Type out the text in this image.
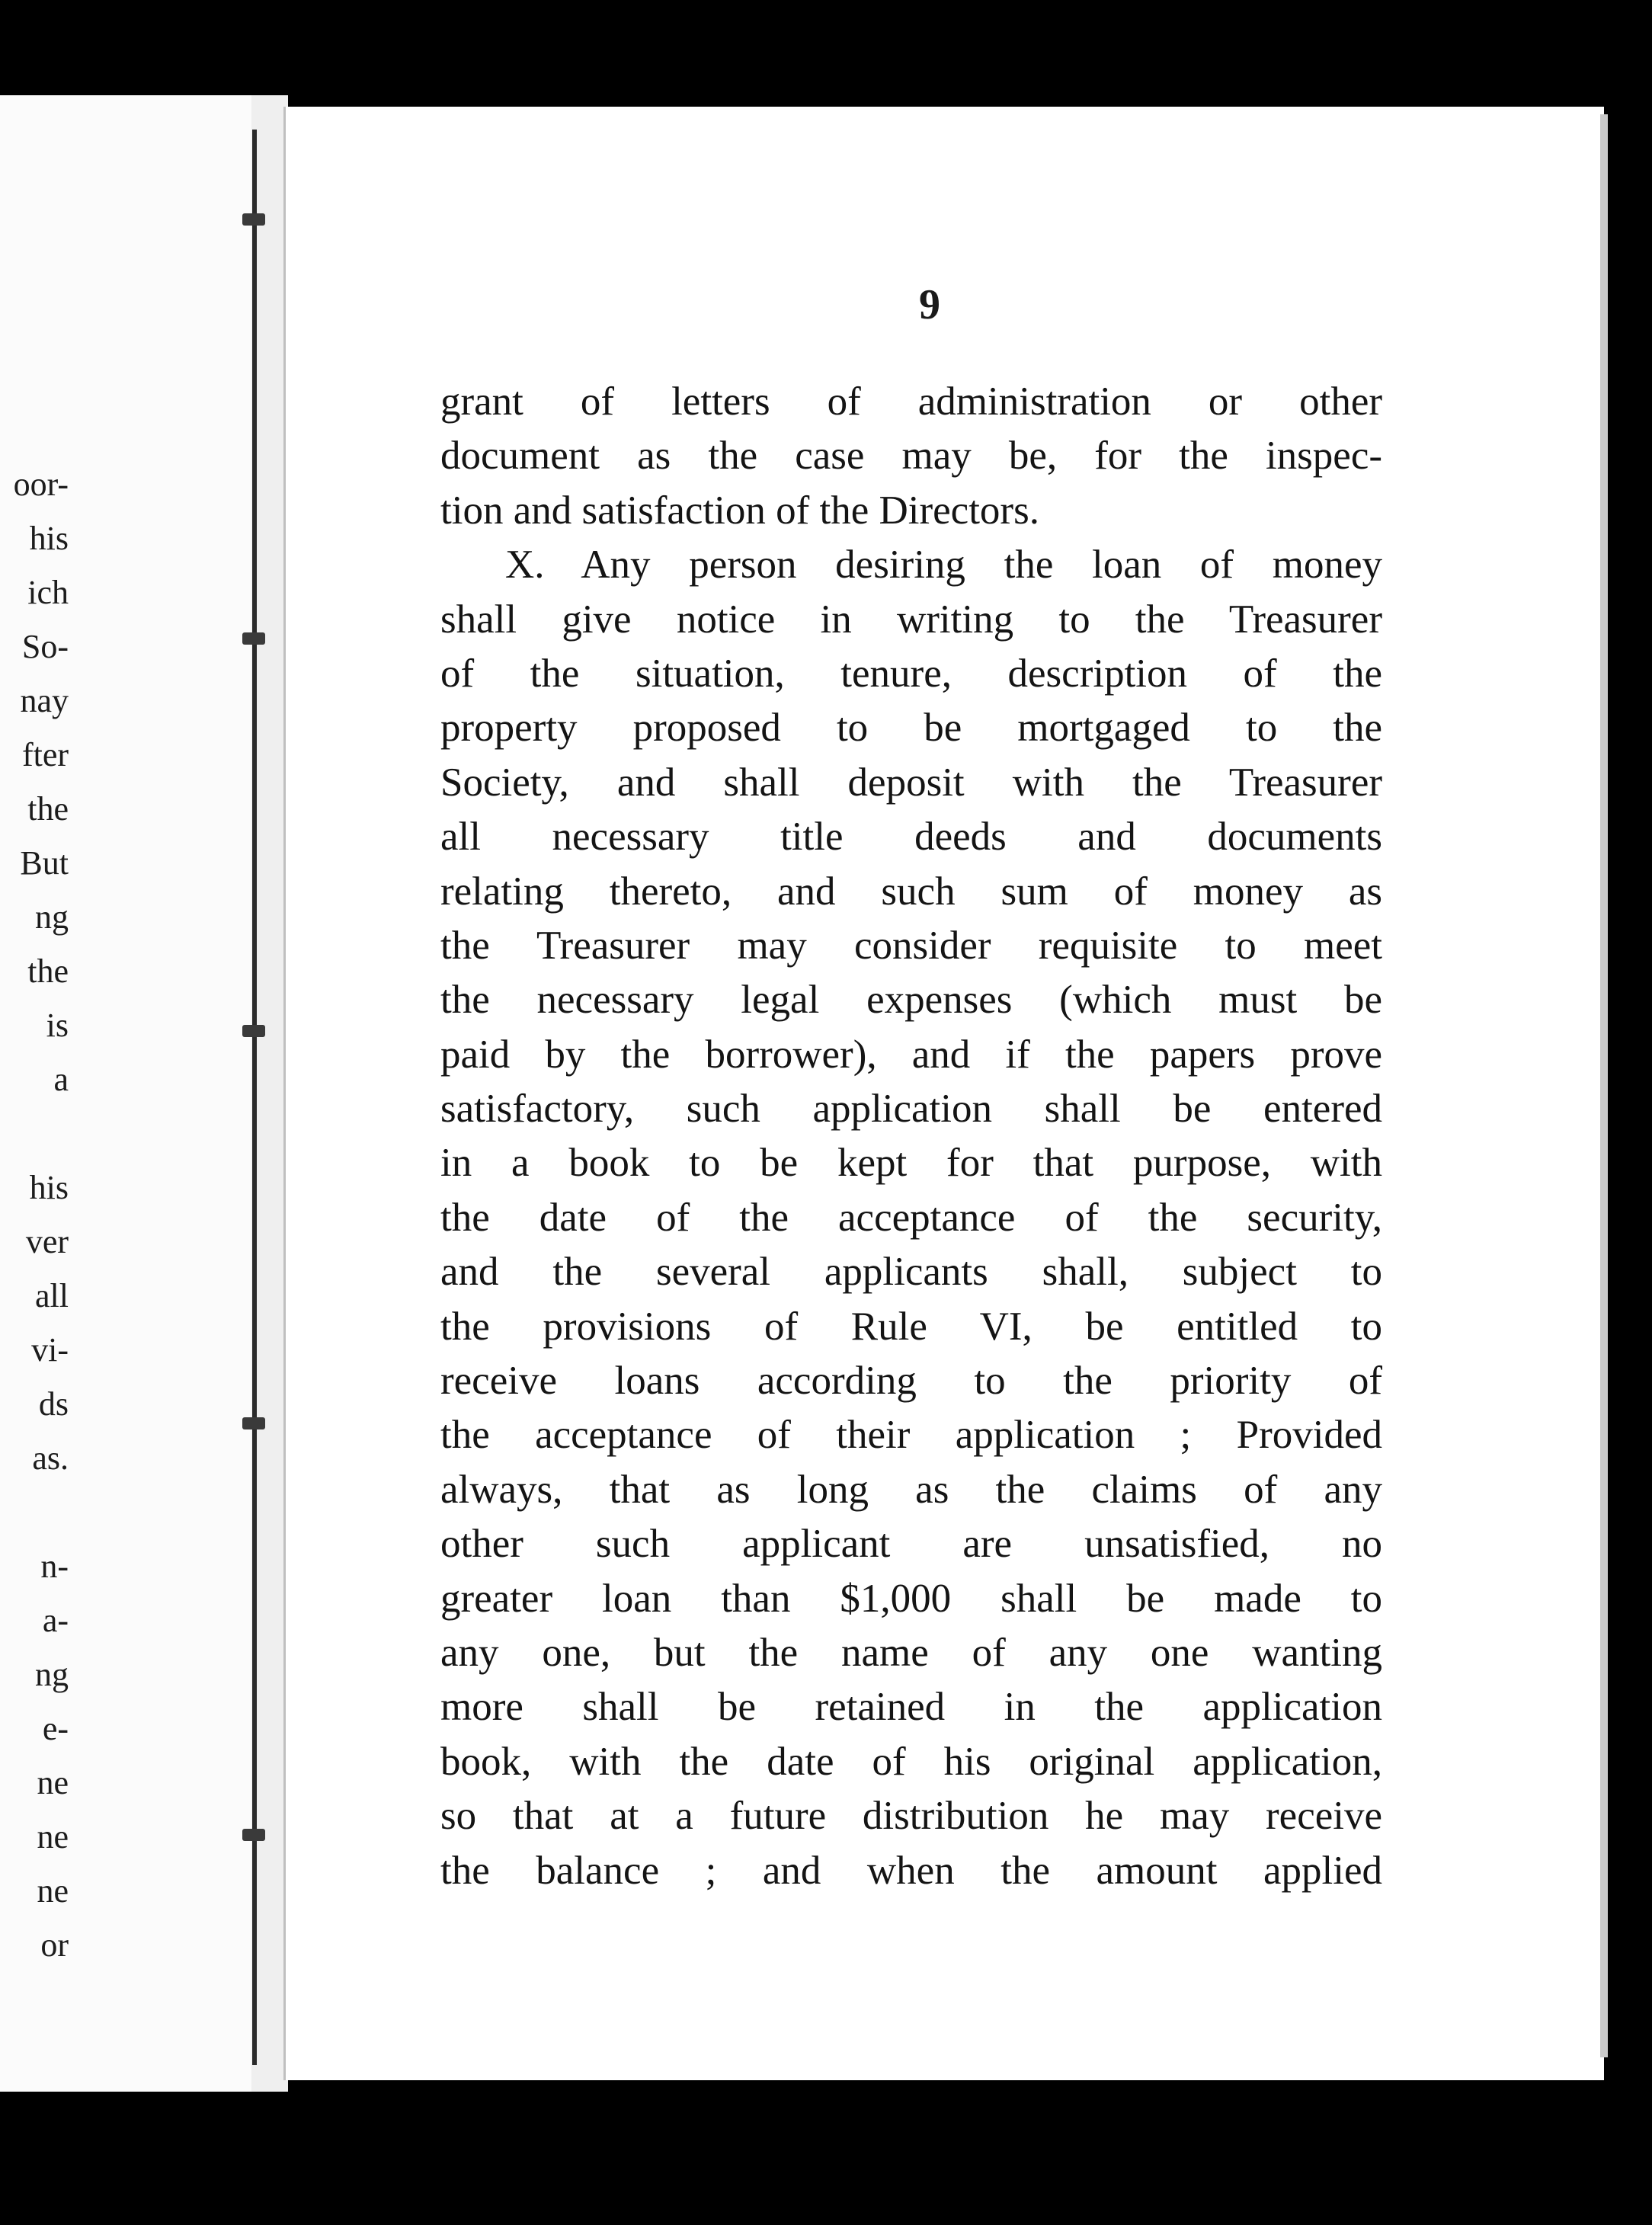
oor-
his
ich
So-
nay
fter
the
But
ng
the
is
a
his
ver
all
vi-
ds
as.
n-
a-
ng
e-
ne
ne
ne
or
9
grant of letters of administration or other
document as the case may be, for the inspec-
tion and satisfaction of the Directors.
X. Any person desiring the loan of money
shall give notice in writing to the Treasurer
of the situation, tenure, description of the
property proposed to be mortgaged to the
Society, and shall deposit with the Treasurer
all necessary title deeds and documents
relating thereto, and such sum of money as
the Treasurer may consider requisite to meet
the necessary legal expenses (which must be
paid by the borrower), and if the papers prove
satisfactory, such application shall be entered
in a book to be kept for that purpose, with
the date of the acceptance of the security,
and the several applicants shall, subject to
the provisions of Rule VI, be entitled to
receive loans according to the priority of
the acceptance of their application ; Provided
always, that as long as the claims of any
other such applicant are unsatisfied, no
greater loan than $1,000 shall be made to
any one, but the name of any one wanting
more shall be retained in the application
book, with the date of his original application,
so that at a future distribution he may receive
the balance ; and when the amount applied
